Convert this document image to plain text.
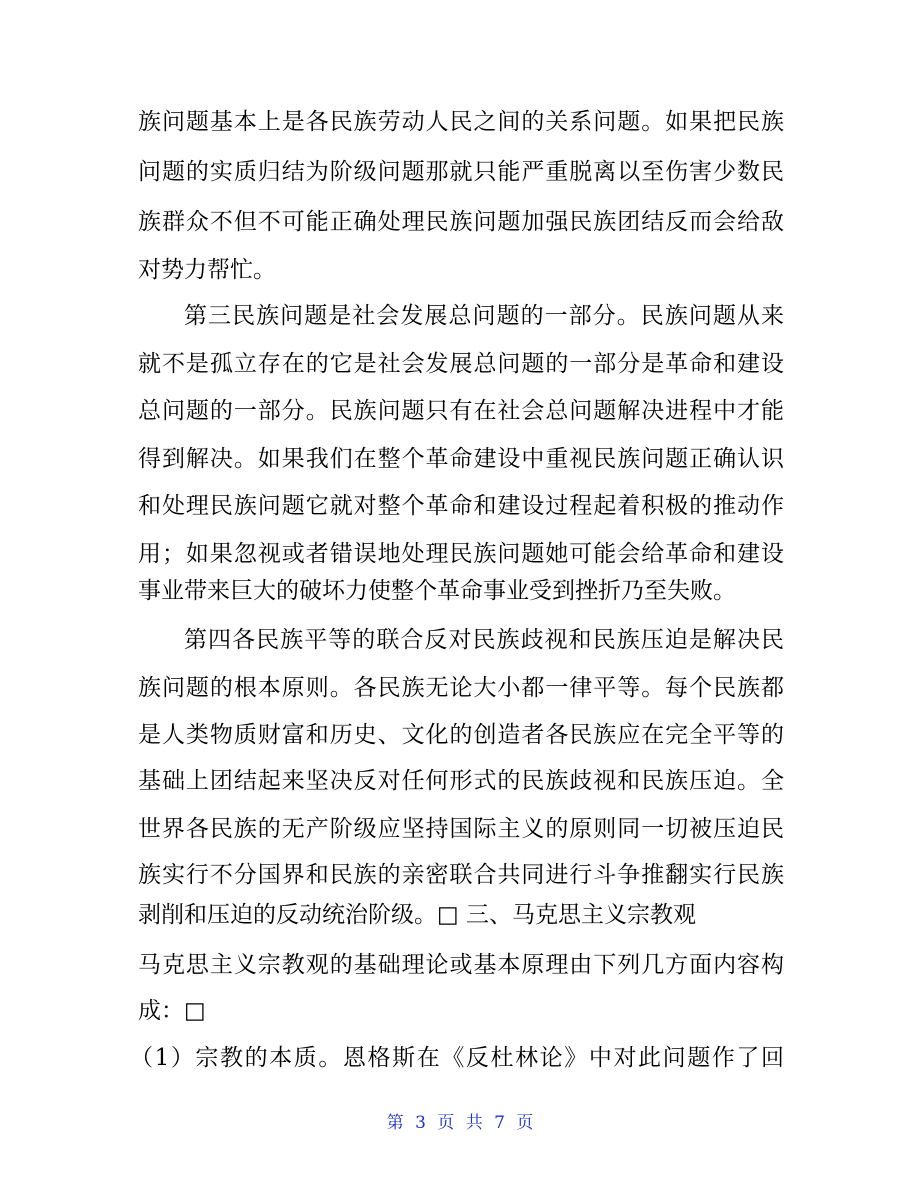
族问题基本上是各民族劳动人民之间的关系问题。如果把民族
问题的实质归结为阶级问题那就只能严重脱离以至伤害少数民
族群众不但不可能正确处理民族问题加强民族团结反而会给敌
对势力帮忙。
第三民族问题是社会发展总问题的一部分。民族问题从来
就不是孤立存在的它是社会发展总问题的一部分是革命和建设
总问题的一部分。民族问题只有在社会总问题解决进程中才能
得到解决。如果我们在整个革命建设中重视民族问题正确认识
和处理民族问题它就对整个革命和建设过程起着积极的推动作
用；如果忽视或者错误地处理民族问题她可能会给革命和建设
事业带来巨大的破坏力使整个革命事业受到挫折乃至失败。
第四各民族平等的联合反对民族歧视和民族压迫是解决民
族问题的根本原则。各民族无论大小都一律平等。每个民族都
是人类物质财富和历史、文化的创造者各民族应在完全平等的
基础上团结起来坚决反对任何形式的民族歧视和民族压迫。全
世界各民族的无产阶级应坚持国际主义的原则同一切被压迫民
族实行不分国界和民族的亲密联合共同进行斗争推翻实行民族
剥削和压迫的反动统治阶级。□ 三、马克思主义宗教观
马克思主义宗教观的基础理论或基本原理由下列几方面内容构
成：□
（1）宗教的本质。恩格斯在《反杜林论》中对此问题作了回
第 3 页 共 7 页
